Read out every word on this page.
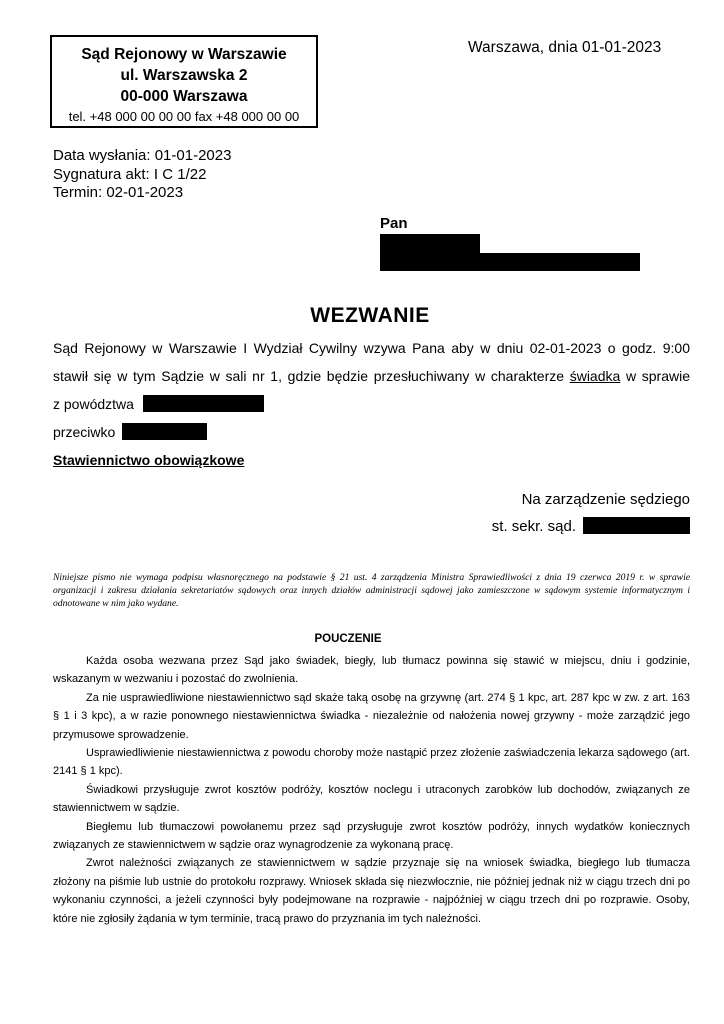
Sąd Rejonowy w Warszawie
ul. Warszawska 2
00-000 Warszawa
tel. +48 000 00 00 00 fax +48 000 00 00
Warszawa, dnia 01-01-2023
Data wysłania: 01-01-2023
Sygnatura akt: I C 1/22
Termin: 02-01-2023
Pan
WEZWANIE
Sąd Rejonowy w Warszawie I Wydział Cywilny wzywa Pana aby w dniu 02-01-2023 o godz. 9:00
stawił się w tym Sądzie w sali nr 1, gdzie będzie przesłuchiwany w charakterze świadka w sprawie
z powództwa
przeciwko
Stawiennictwo obowiązkowe
Na zarządzenie sędziego
st. sekr. sąd.
Niniejsze pismo nie wymaga podpisu własnoręcznego na podstawie § 21 ust. 4 zarządzenia Ministra Sprawiedliwości z dnia 19 czerwca 2019 r. w sprawie organizacji i zakresu działania sekretariatów sądowych oraz innych działów administracji sądowej jako zamieszczone w sądowym systemie informatycznym i odnotowane w nim jako wydane.
POUCZENIE

Każda osoba wezwana przez Sąd jako świadek, biegły, lub tłumacz powinna się stawić w miejscu, dniu i godzinie, wskazanym w wezwaniu i pozostać do zwolnienia.

Za nie usprawiedliwione niestawiennictwo sąd skaże taką osobę na grzywnę (art. 274 § 1 kpc, art. 287 kpc w zw. z art. 163 § 1 i 3 kpc), a w razie ponownego niestawiennictwa świadka - niezależnie od nałożenia nowej grzywny - może zarządzić jego przymusowe sprowadzenie.

Usprawiedliwienie niestawiennictwa z powodu choroby może nastąpić przez złożenie zaświadczenia lekarza sądowego (art. 2141 § 1 kpc).

Świadkowi przysługuje zwrot kosztów podróży, kosztów noclegu i utraconych zarobków lub dochodów, związanych ze stawiennictwem w sądzie.

Biegłemu lub tłumaczowi powołanemu przez sąd przysługuje zwrot kosztów podróży, innych wydatków koniecznych związanych ze stawiennictwem w sądzie oraz wynagrodzenie za wykonaną pracę.

Zwrot należności związanych ze stawiennictwem w sądzie przyznaje się na wniosek świadka, biegłego lub tłumacza złożony na piśmie lub ustnie do protokołu rozprawy. Wniosek składa się niezwłocznie, nie później jednak niż w ciągu trzech dni po wykonaniu czynności, a jeżeli czynności były podejmowane na rozprawie - najpóźniej w ciągu trzech dni po rozprawie. Osoby, które nie zgłosiły żądania w tym terminie, tracą prawo do przyznania im tych należności.
